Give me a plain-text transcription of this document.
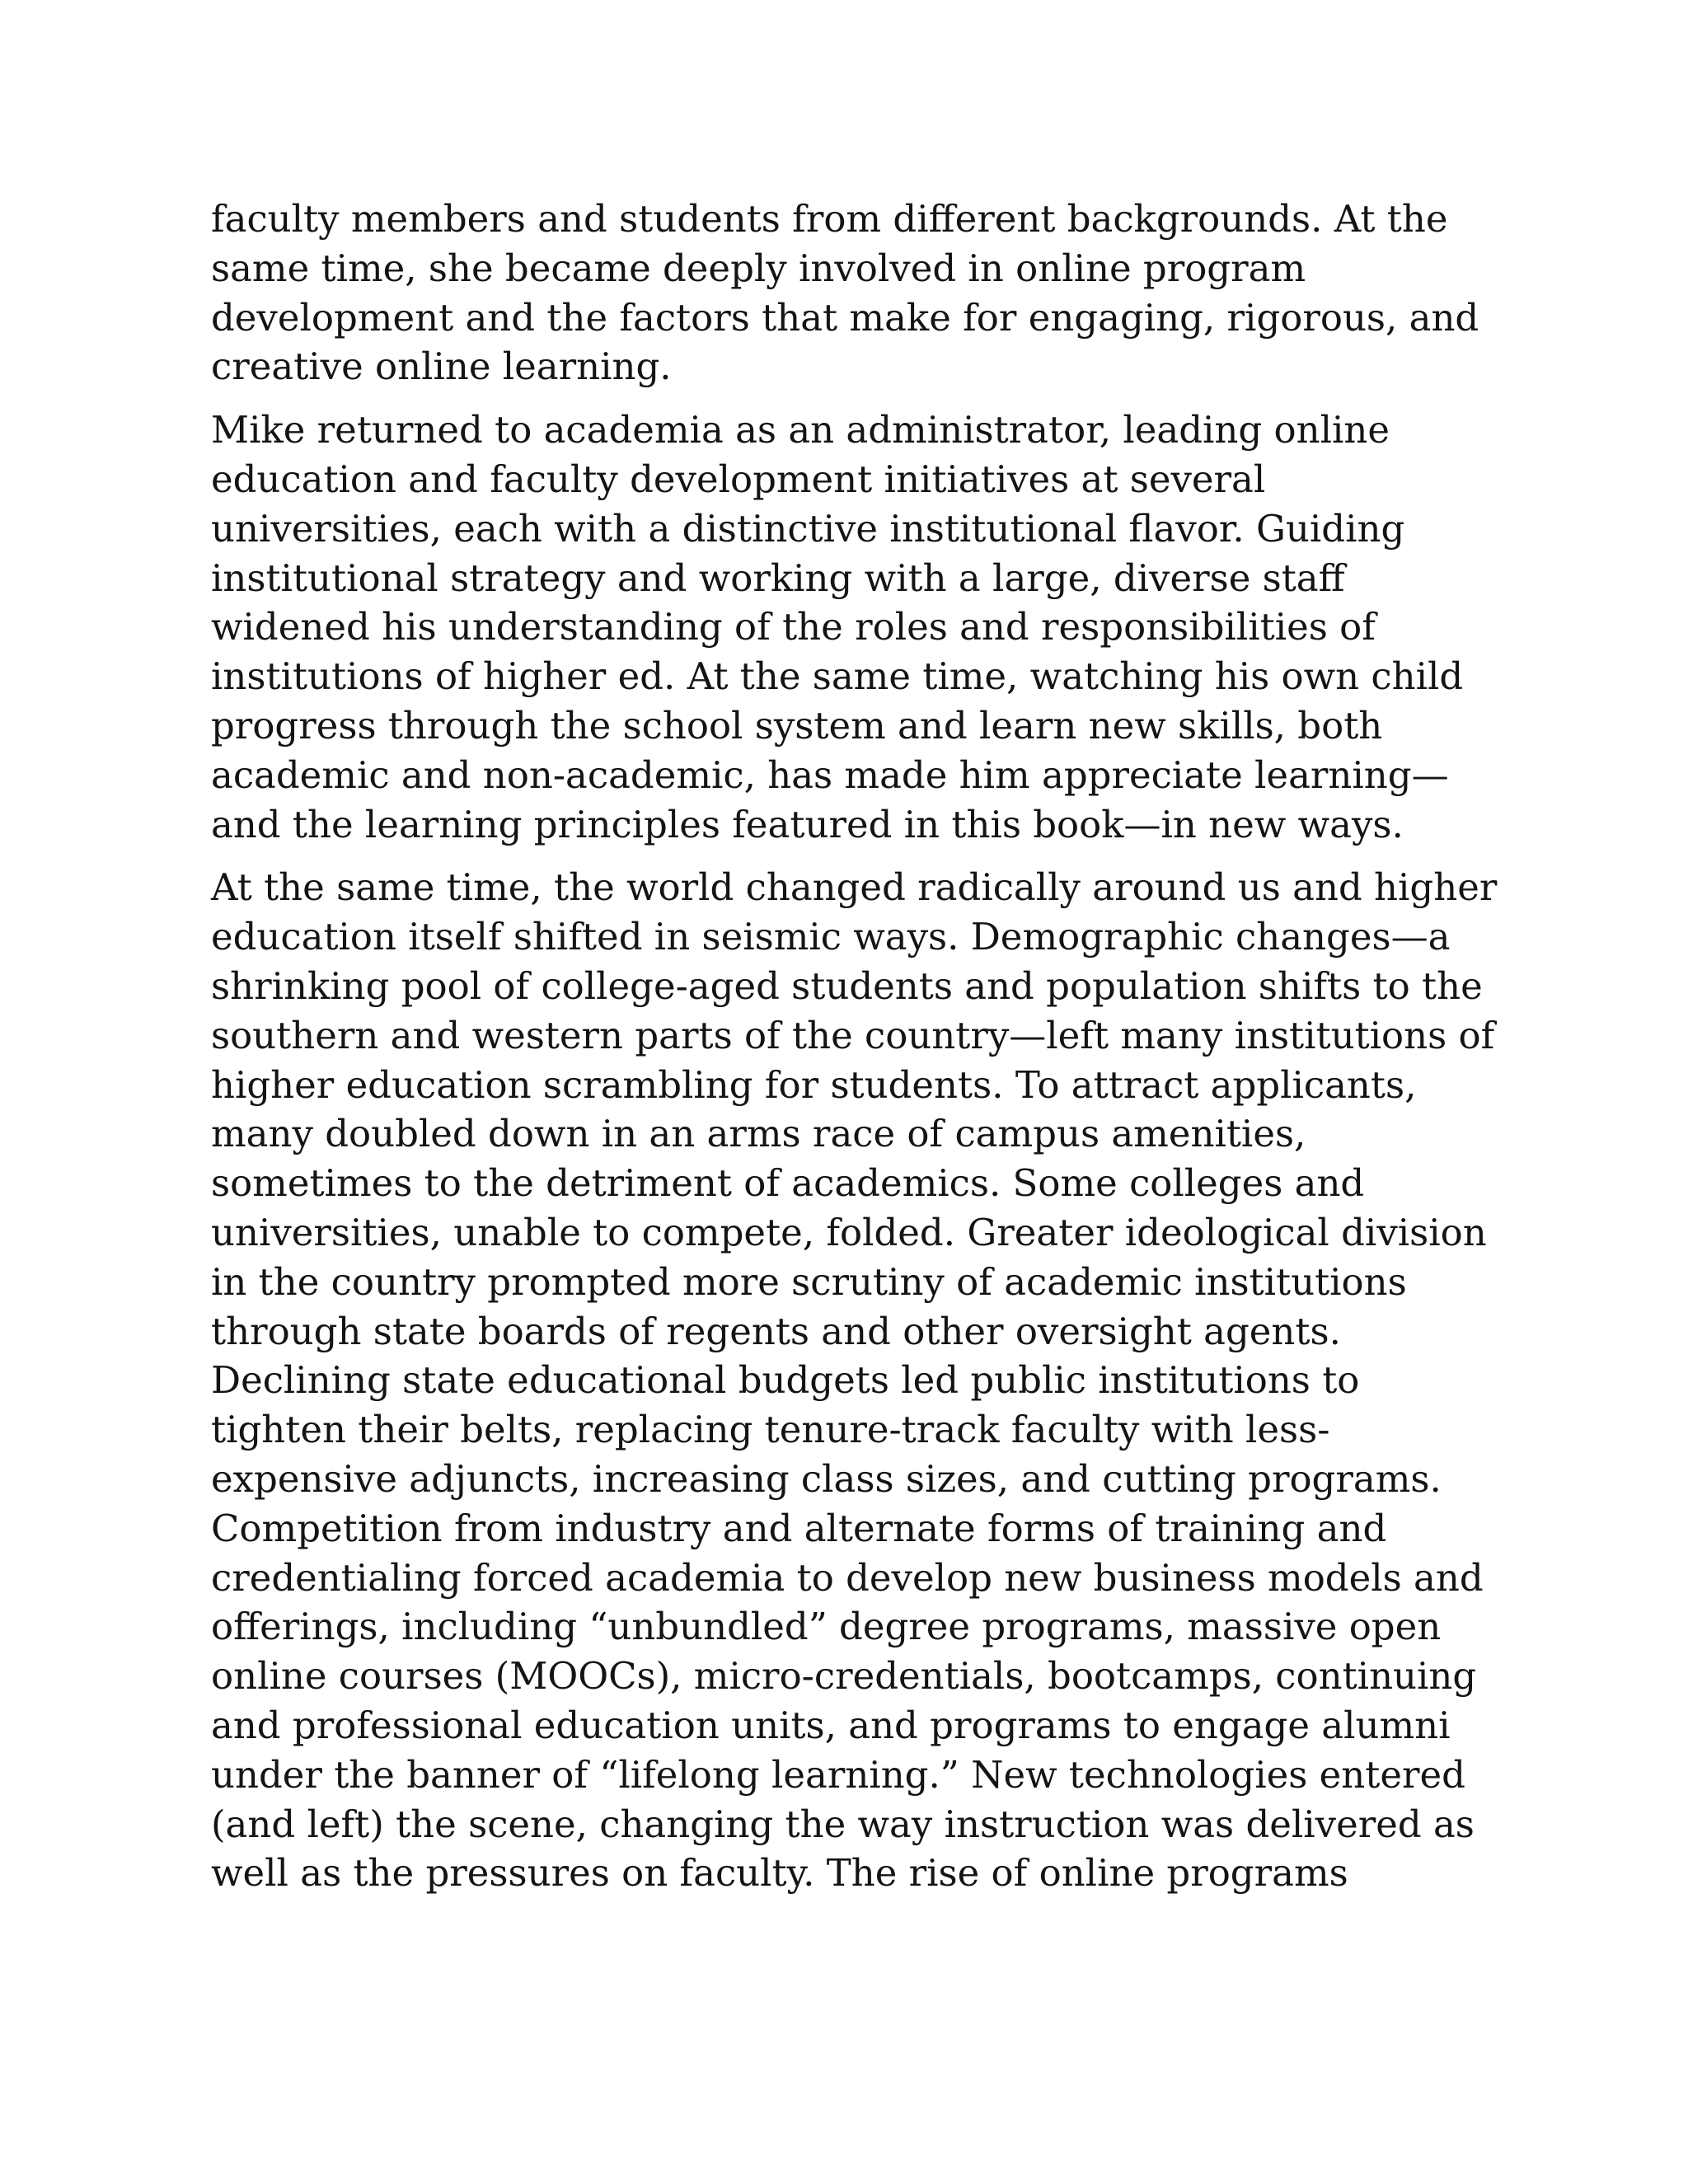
faculty members and students from different backgrounds. At the
same time, she became deeply involved in online program
development and the factors that make for engaging, rigorous, and
creative online learning.
Mike returned to academia as an administrator, leading online
education and faculty development initiatives at several
universities, each with a distinctive institutional flavor. Guiding
institutional strategy and working with a large, diverse staff
widened his understanding of the roles and responsibilities of
institutions of higher ed. At the same time, watching his own child
progress through the school system and learn new skills, both
academic and non-academic, has made him appreciate learning—
and the learning principles featured in this book—in new ways.
At the same time, the world changed radically around us and higher
education itself shifted in seismic ways. Demographic changes—a
shrinking pool of college-aged students and population shifts to the
southern and western parts of the country—left many institutions of
higher education scrambling for students. To attract applicants,
many doubled down in an arms race of campus amenities,
sometimes to the detriment of academics. Some colleges and
universities, unable to compete, folded. Greater ideological division
in the country prompted more scrutiny of academic institutions
through state boards of regents and other oversight agents.
Declining state educational budgets led public institutions to
tighten their belts, replacing tenure-track faculty with less-
expensive adjuncts, increasing class sizes, and cutting programs.
Competition from industry and alternate forms of training and
credentialing forced academia to develop new business models and
offerings, including “unbundled” degree programs, massive open
online courses (MOOCs), micro-credentials, bootcamps, continuing
and professional education units, and programs to engage alumni
under the banner of “lifelong learning.” New technologies entered
(and left) the scene, changing the way instruction was delivered as
well as the pressures on faculty. The rise of online programs
